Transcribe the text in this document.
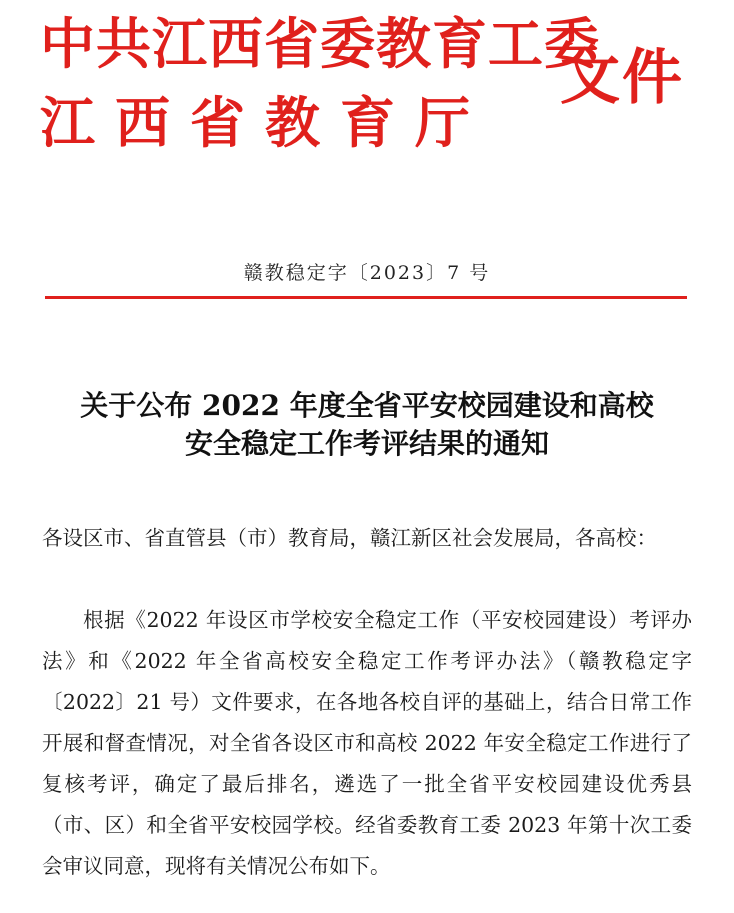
中共江西省委教育工委
江西省教育厅
文件
赣教稳定字〔2023〕7 号
关于公布 2022 年度全省平安校园建设和高校
安全稳定工作考评结果的通知
各设区市、省直管县（市）教育局，赣江新区社会发展局，各高校：
根据《2022 年设区市学校安全稳定工作（平安校园建设）考评办法》和《2022 年全省高校安全稳定工作考评办法》（赣教稳定字〔2022〕21 号）文件要求，在各地各校自评的基础上，结合日常工作开展和督查情况，对全省各设区市和高校 2022 年安全稳定工作进行了复核考评，确定了最后排名，遴选了一批全省平安校园建设优秀县（市、区）和全省平安校园学校。经省委教育工委 2023 年第十次工委会审议同意，现将有关情况公布如下。
